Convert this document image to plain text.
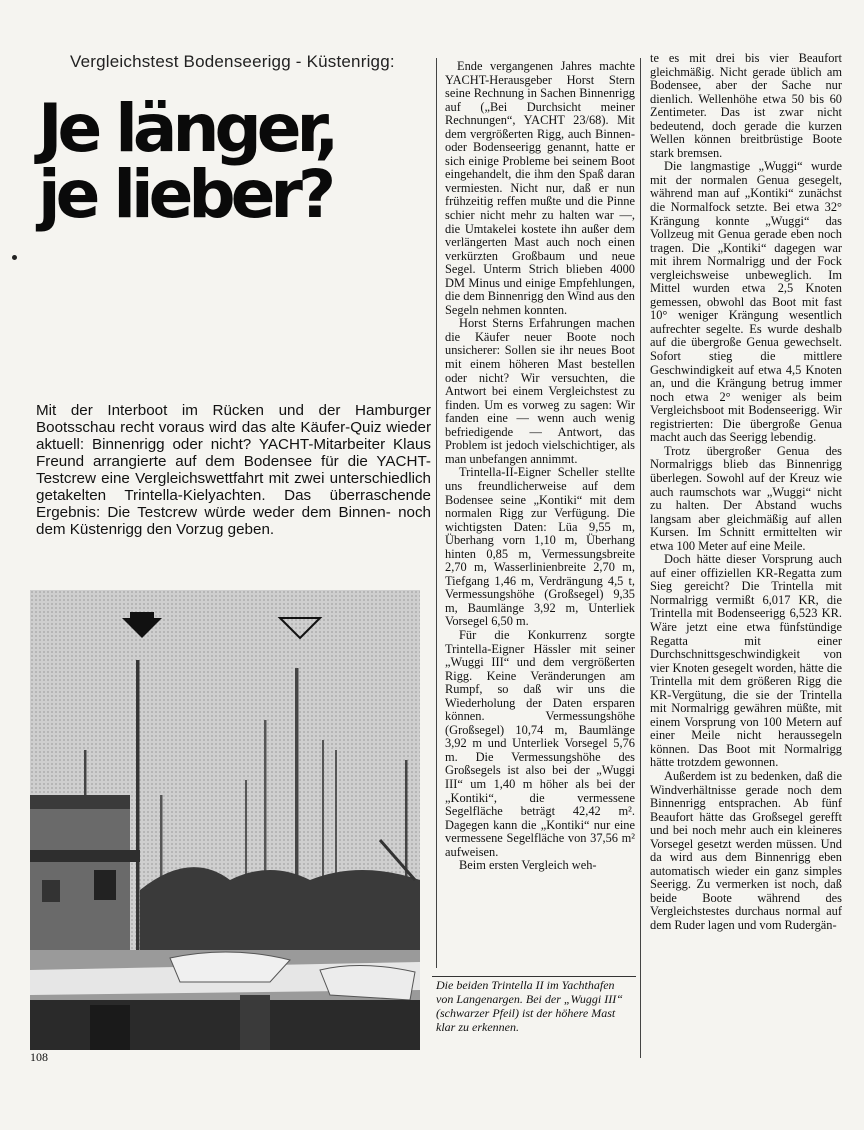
Vergleichstest Bodenseerigg - Küstenrigg:
Je länger,
je lieber?

Mit der Interboot im Rücken und der Hamburger Bootsschau recht voraus wird das alte Käufer-Quiz wieder aktuell: Binnenrigg oder nicht? YACHT-Mitarbeiter Klaus Freund arrangierte auf dem Bodensee für die YACHT-Testcrew eine Vergleichswettfahrt mit zwei unterschiedlich getakelten Trintella-Kielyachten. Das überraschende Ergebnis: Die Testcrew würde weder dem Binnen- noch dem Küstenrigg den Vorzug geben.

Ende vergangenen Jahres machte YACHT-Herausgeber Horst Stern seine Rechnung in Sachen Binnenrigg auf („Bei Durchsicht meiner Rechnungen“, YACHT 23/68). Mit dem vergrößerten Rigg, auch Binnen- oder Bodenseerigg genannt, hatte er sich einige Probleme bei seinem Boot eingehandelt, die ihm den Spaß daran vermiesten. Nicht nur, daß er nun frühzeitig reffen mußte und die Pinne schier nicht mehr zu halten war —, die Umtakelei kostete ihn außer dem verlängerten Mast auch noch einen verkürzten Großbaum und neue Segel. Unterm Strich blieben 4000 DM Minus und einige Empfehlungen, die dem Binnenrigg den Wind aus den Segeln nehmen konnten.

Horst Sterns Erfahrungen machen die Käufer neuer Boote noch unsicherer: Sollen sie ihr neues Boot mit einem höheren Mast bestellen oder nicht? Wir versuchten, die Antwort bei einem Vergleichstest zu finden. Um es vorweg zu sagen: Wir fanden eine — wenn auch wenig befriedigende — Antwort, das Problem ist jedoch vielschichtiger, als man unbefangen annimmt.

Trintella-II-Eigner Scheller stellte uns freundlicherweise auf dem Bodensee seine „Kontiki“ mit dem normalen Rigg zur Verfügung. Die wichtigsten Daten: Lüa 9,55 m, Überhang vorn 1,10 m, Überhang hinten 0,85 m, Vermessungsbreite 2,70 m, Wasserlinienbreite 2,70 m, Tiefgang 1,46 m, Verdrängung 4,5 t, Vermessungshöhe (Großsegel) 9,35 m, Baumlänge 3,92 m, Unterliek Vorsegel 6,50 m.

Für die Konkurrenz sorgte Trintella-Eigner Hässler mit seiner „Wuggi III“ und dem vergrößerten Rigg. Keine Veränderungen am Rumpf, so daß wir uns die Wiederholung der Daten ersparen können. Vermessungshöhe (Großsegel) 10,74 m, Baumlänge 3,92 m und Unterliek Vorsegel 5,76 m. Die Vermessungshöhe des Großsegels ist also bei der „Wuggi III“ um 1,40 m höher als bei der „Kontiki“, die vermessene Segelfläche beträgt 42,42 m². Dagegen kann die „Kontiki“ nur eine vermessene Segelfläche von 37,56 m² aufweisen.

Beim ersten Vergleich weh-

Die beiden Trintella II im Yachthafen von Langenargen. Bei der „Wuggi III“ (schwarzer Pfeil) ist der höhere Mast klar zu erkennen.

te es mit drei bis vier Beaufort gleichmäßig. Nicht gerade üblich am Bodensee, aber der Sache nur dienlich. Wellenhöhe etwa 50 bis 60 Zentimeter. Das ist zwar nicht bedeutend, doch gerade die kurzen Wellen können breitbrüstige Boote stark bremsen.

Die langmastige „Wuggi“ wurde mit der normalen Genua gesegelt, während man auf „Kontiki“ zunächst die Normalfock setzte. Bei etwa 32° Krängung konnte „Wuggi“ das Vollzeug mit Genua gerade eben noch tragen. Die „Kontiki“ dagegen war mit ihrem Normalrigg und der Fock vergleichsweise unbeweglich. Im Mittel wurden etwa 2,5 Knoten gemessen, obwohl das Boot mit fast 10° weniger Krängung wesentlich aufrechter segelte. Es wurde deshalb auf die übergroße Genua gewechselt. Sofort stieg die mittlere Geschwindigkeit auf etwa 4,5 Knoten an, und die Krängung betrug immer noch etwa 2° weniger als beim Vergleichsboot mit Bodenseerigg. Wir registrierten: Die übergroße Genua macht auch das Seerigg lebendig.

Trotz übergroßer Genua des Normalriggs blieb das Binnenrigg überlegen. Sowohl auf der Kreuz wie auch raumschots war „Wuggi“ nicht zu halten. Der Abstand wuchs langsam aber gleichmäßig auf allen Kursen. Im Schnitt ermittelten wir etwa 100 Meter auf eine Meile.

Doch hätte dieser Vorsprung auch auf einer offiziellen KR-Regatta zum Sieg gereicht? Die Trintella mit Normalrigg vermißt 6,017 KR, die Trintella mit Bodenseerigg 6,523 KR. Wäre jetzt eine etwa fünfstündige Regatta mit einer Durchschnittsgeschwindigkeit von vier Knoten gesegelt worden, hätte die Trintella mit dem größeren Rigg die KR-Vergütung, die sie der Trintella mit Normalrigg gewähren müßte, mit einem Vorsprung von 100 Metern auf einer Meile nicht heraussegeln können. Das Boot mit Normalrigg hätte trotzdem gewonnen.

Außerdem ist zu bedenken, daß die Windverhältnisse gerade noch dem Binnenrigg entsprachen. Ab fünf Beaufort hätte das Großsegel gerefft und bei noch mehr auch ein kleineres Vorsegel gesetzt werden müssen. Und da wird aus dem Binnenrigg eben automatisch wieder ein ganz simples Seerigg. Zu vermerken ist noch, daß beide Boote während des Vergleichstestes durchaus normal auf dem Ruder lagen und vom Rudergän-

108
